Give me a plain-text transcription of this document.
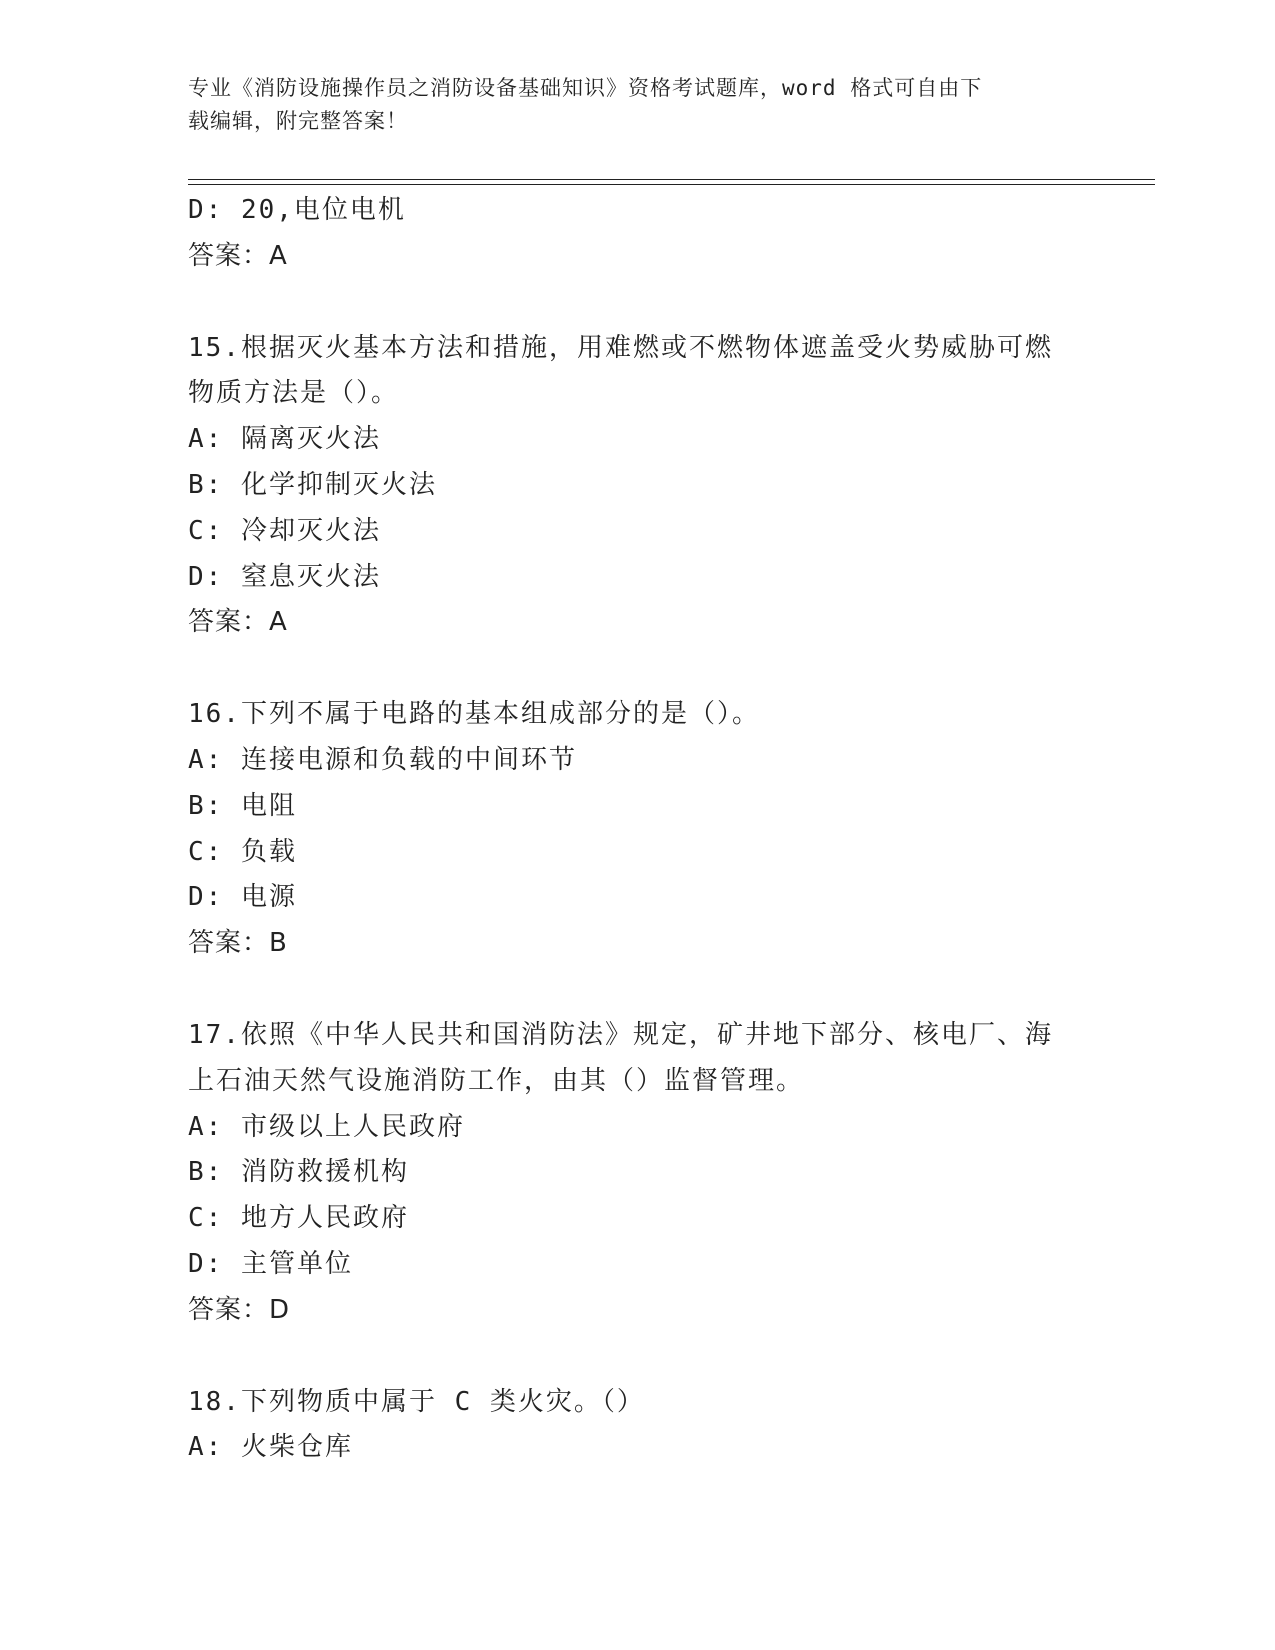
专业《消防设施操作员之消防设备基础知识》资格考试题库，word 格式可自由下
载编辑，附完整答案！
D: 20,电位电机
答案：A
15.根据灭火基本方法和措施，用难燃或不燃物体遮盖受火势威胁可燃
物质方法是（）。
A: 隔离灭火法
B: 化学抑制灭火法
C: 冷却灭火法
D: 窒息灭火法
答案：A
16.下列不属于电路的基本组成部分的是（）。
A: 连接电源和负载的中间环节
B: 电阻
C: 负载
D: 电源
答案：B
17.依照《中华人民共和国消防法》规定，矿井地下部分、核电厂、海
上石油天然气设施消防工作，由其（）监督管理。
A: 市级以上人民政府
B: 消防救援机构
C: 地方人民政府
D: 主管单位
答案：D
18.下列物质中属于 C 类火灾。（）
A: 火柴仓库
